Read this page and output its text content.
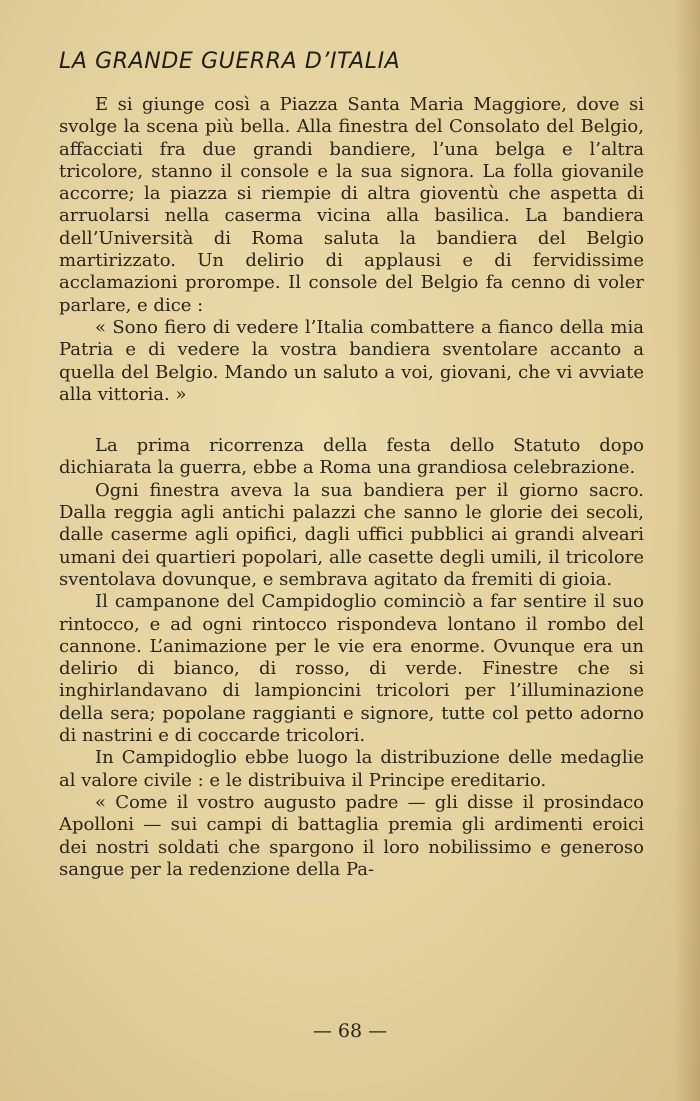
LA GRANDE GUERRA D’ITALIA

E si giunge così a Piazza Santa Maria Maggiore, dove si svolge la scena più bella. Alla finestra del Consolato del Belgio, affacciati fra due grandi bandiere, l’una belga e l’altra tricolore, stanno il console e la sua signora. La folla giovanile accorre; la piazza si riempie di altra gioventù che aspetta di arruolarsi nella caserma vicina alla basilica. La bandiera dell’Università di Roma saluta la bandiera del Belgio martirizzato. Un delirio di applausi e di fervidissime acclamazioni prorompe. Il console del Belgio fa cenno di voler parlare, e dice :

« Sono fiero di vedere l’Italia combattere a fianco della mia Patria e di vedere la vostra bandiera sventolare accanto a quella del Belgio. Mando un saluto a voi, giovani, che vi avviate alla vittoria. »

La prima ricorrenza della festa dello Statuto dopo dichiarata la guerra, ebbe a Roma una grandiosa celebrazione.

Ogni finestra aveva la sua bandiera per il giorno sacro. Dalla reggia agli antichi palazzi che sanno le glorie dei secoli, dalle caserme agli opifici, dagli uffici pubblici ai grandi alveari umani dei quartieri popolari, alle casette degli umili, il tricolore sventolava dovunque, e sembrava agitato da fremiti di gioia.

Il campanone del Campidoglio cominciò a far sentire il suo rintocco, e ad ogni rintocco rispondeva lontano il rombo del cannone. L’animazione per le vie era enorme. Ovunque era un delirio di bianco, di rosso, di verde. Finestre che si inghirlandavano di lampioncini tricolori per l’illuminazione della sera; popolane raggianti e signore, tutte col petto adorno di nastrini e di coccarde tricolori.

In Campidoglio ebbe luogo la distribuzione delle medaglie al valore civile : e le distribuiva il Principe ereditario.

« Come il vostro augusto padre — gli disse il prosindaco Apolloni — sui campi di battaglia premia gli ardimenti eroici dei nostri soldati che spargono il loro nobilissimo e generoso sangue per la redenzione della Pa-

— 68 —
